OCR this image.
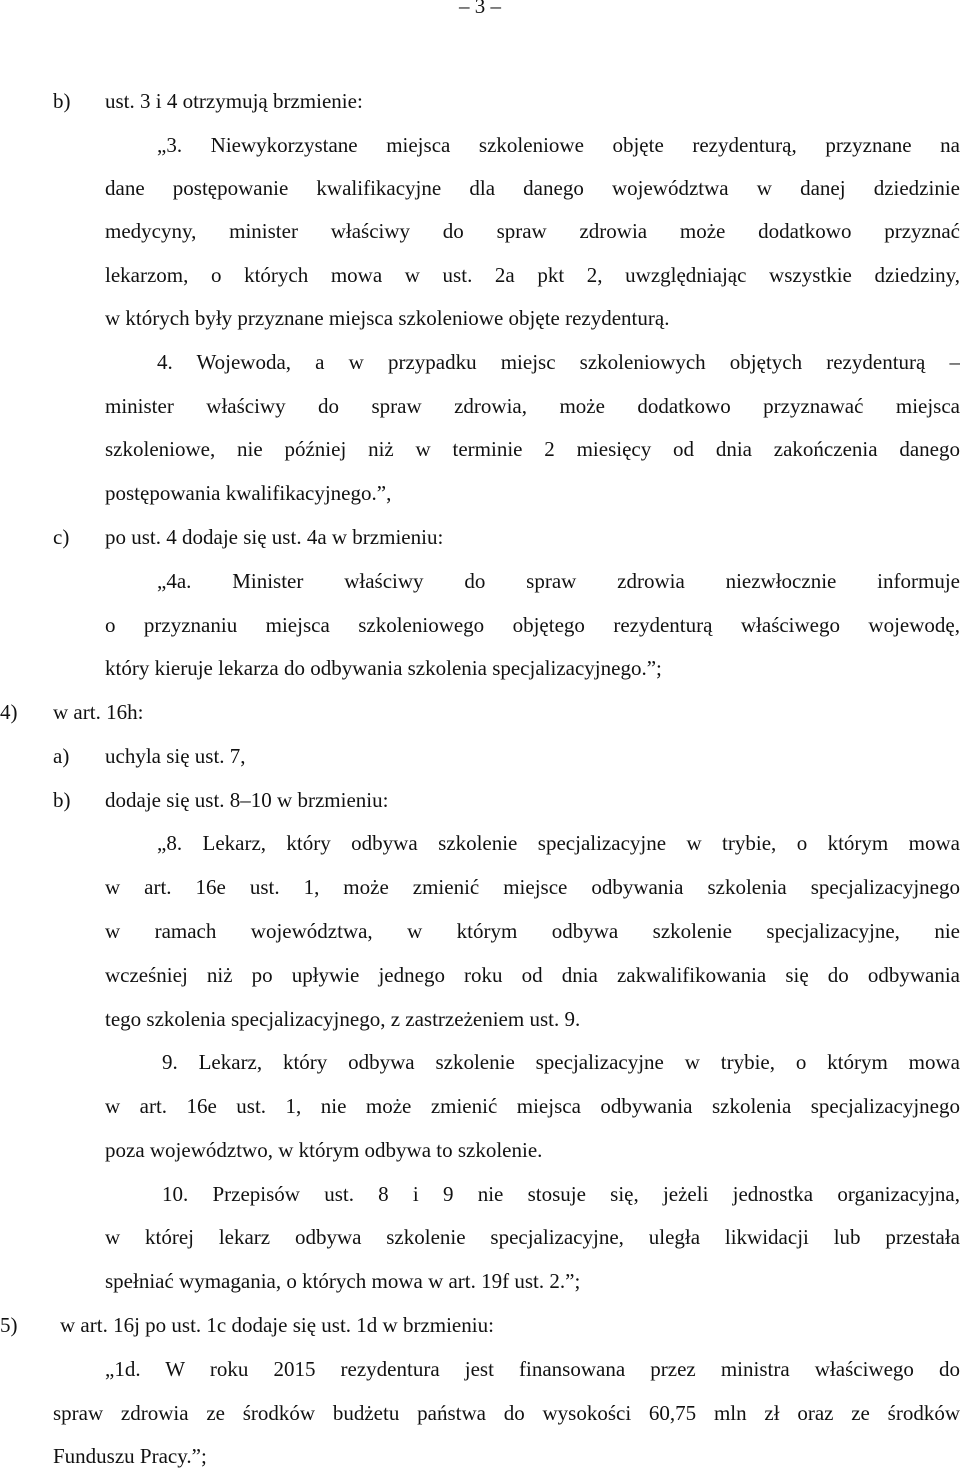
– 3 –
b) ust. 3 i 4 otrzymują brzmienie:
„3. Niewykorzystane miejsca szkoleniowe objęte rezydenturą, przyznane na
dane postępowanie kwalifikacyjne dla danego województwa w danej dziedzinie
medycyny, minister właściwy do spraw zdrowia może dodatkowo przyznać
lekarzom, o których mowa w ust. 2a pkt 2, uwzględniając wszystkie dziedziny,
w których były przyznane miejsca szkoleniowe objęte rezydenturą.
4. Wojewoda, a w przypadku miejsc szkoleniowych objętych rezydenturą –
minister właściwy do spraw zdrowia, może dodatkowo przyznawać miejsca
szkoleniowe, nie później niż w terminie 2 miesięcy od dnia zakończenia danego
postępowania kwalifikacyjnego.”,
c) po ust. 4 dodaje się ust. 4a w brzmieniu:
„4a. Minister właściwy do spraw zdrowia niezwłocznie informuje
o przyznaniu miejsca szkoleniowego objętego rezydenturą właściwego wojewodę,
który kieruje lekarza do odbywania szkolenia specjalizacyjnego.”;
4) w art. 16h:
a) uchyla się ust. 7,
b) dodaje się ust. 8–10 w brzmieniu:
„8. Lekarz, który odbywa szkolenie specjalizacyjne w trybie, o którym mowa
w art. 16e ust. 1, może zmienić miejsce odbywania szkolenia specjalizacyjnego
w ramach województwa, w którym odbywa szkolenie specjalizacyjne, nie
wcześniej niż po upływie jednego roku od dnia zakwalifikowania się do odbywania
tego szkolenia specjalizacyjnego, z zastrzeżeniem ust. 9.
9. Lekarz, który odbywa szkolenie specjalizacyjne w trybie, o którym mowa
w art. 16e ust. 1, nie może zmienić miejsca odbywania szkolenia specjalizacyjnego
poza województwo, w którym odbywa to szkolenie.
10. Przepisów ust. 8 i 9 nie stosuje się, jeżeli jednostka organizacyjna,
w której lekarz odbywa szkolenie specjalizacyjne, uległa likwidacji lub przestała
spełniać wymagania, o których mowa w art. 19f ust. 2.”;
5) w art. 16j po ust. 1c dodaje się ust. 1d w brzmieniu:
„1d. W roku 2015 rezydentura jest finansowana przez ministra właściwego do
spraw zdrowia ze środków budżetu państwa do wysokości 60,75 mln zł oraz ze środków
Funduszu Pracy.”;
